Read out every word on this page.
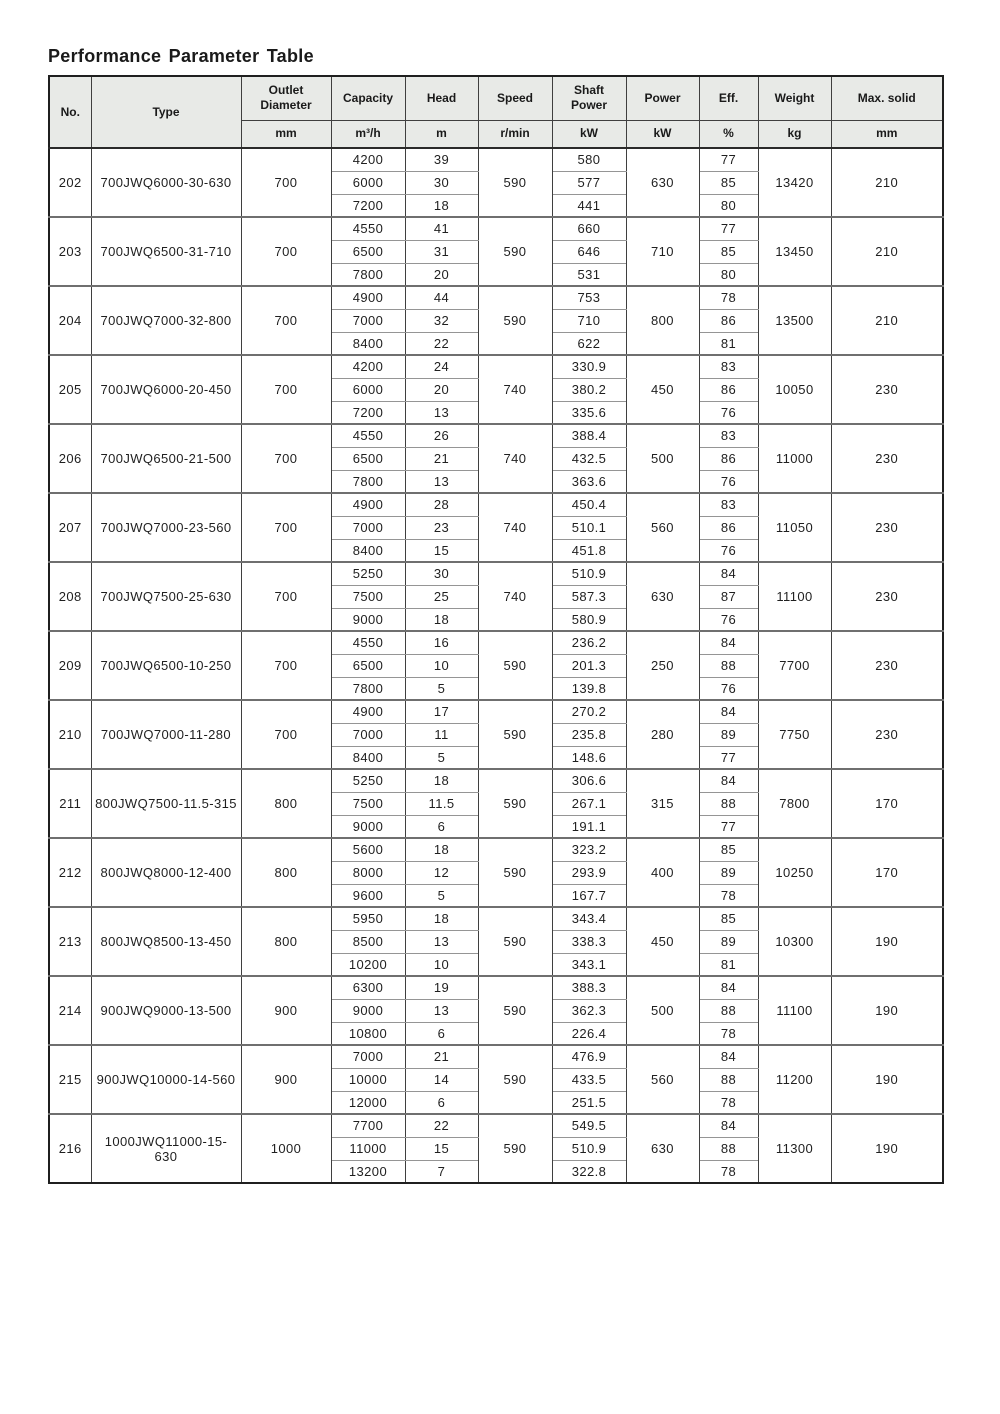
Performance Parameter Table
No.	Type	Outlet Diameter	Capacity	Head	Speed	Shaft Power	Power	Eff.	Weight	Max. solid
		mm	m³/h	m	r/min	kW	kW	%	kg	mm
202	700JWQ6000-30-630	700	4200	39	590	580	630	77	13420	210
			6000	30		577		85		
			7200	18		441		80		
203	700JWQ6500-31-710	700	4550	41	590	660	710	77	13450	210
			6500	31		646		85		
			7800	20		531		80		
204	700JWQ7000-32-800	700	4900	44	590	753	800	78	13500	210
			7000	32		710		86		
			8400	22		622		81		
205	700JWQ6000-20-450	700	4200	24	740	330.9	450	83	10050	230
			6000	20		380.2		86		
			7200	13		335.6		76		
206	700JWQ6500-21-500	700	4550	26	740	388.4	500	83	11000	230
			6500	21		432.5		86		
			7800	13		363.6		76		
207	700JWQ7000-23-560	700	4900	28	740	450.4	560	83	11050	230
			7000	23		510.1		86		
			8400	15		451.8		76		
208	700JWQ7500-25-630	700	5250	30	740	510.9	630	84	11100	230
			7500	25		587.3		87		
			9000	18		580.9		76		
209	700JWQ6500-10-250	700	4550	16	590	236.2	250	84	7700	230
			6500	10		201.3		88		
			7800	5		139.8		76		
210	700JWQ7000-11-280	700	4900	17	590	270.2	280	84	7750	230
			7000	11		235.8		89		
			8400	5		148.6		77		
211	800JWQ7500-11.5-315	800	5250	18	590	306.6	315	84	7800	170
			7500	11.5		267.1		88		
			9000	6		191.1		77		
212	800JWQ8000-12-400	800	5600	18	590	323.2	400	85	10250	170
			8000	12		293.9		89		
			9600	5		167.7		78		
213	800JWQ8500-13-450	800	5950	18	590	343.4	450	85	10300	190
			8500	13		338.3		89		
			10200	10		343.1		81		
214	900JWQ9000-13-500	900	6300	19	590	388.3	500	84	11100	190
			9000	13		362.3		88		
			10800	6		226.4		78		
215	900JWQ10000-14-560	900	7000	21	590	476.9	560	84	11200	190
			10000	14		433.5		88		
			12000	6		251.5		78		
216	1000JWQ11000-15-630	1000	7700	22	590	549.5	630	84	11300	190
			11000	15		510.9		88		
			13200	7		322.8		78		
